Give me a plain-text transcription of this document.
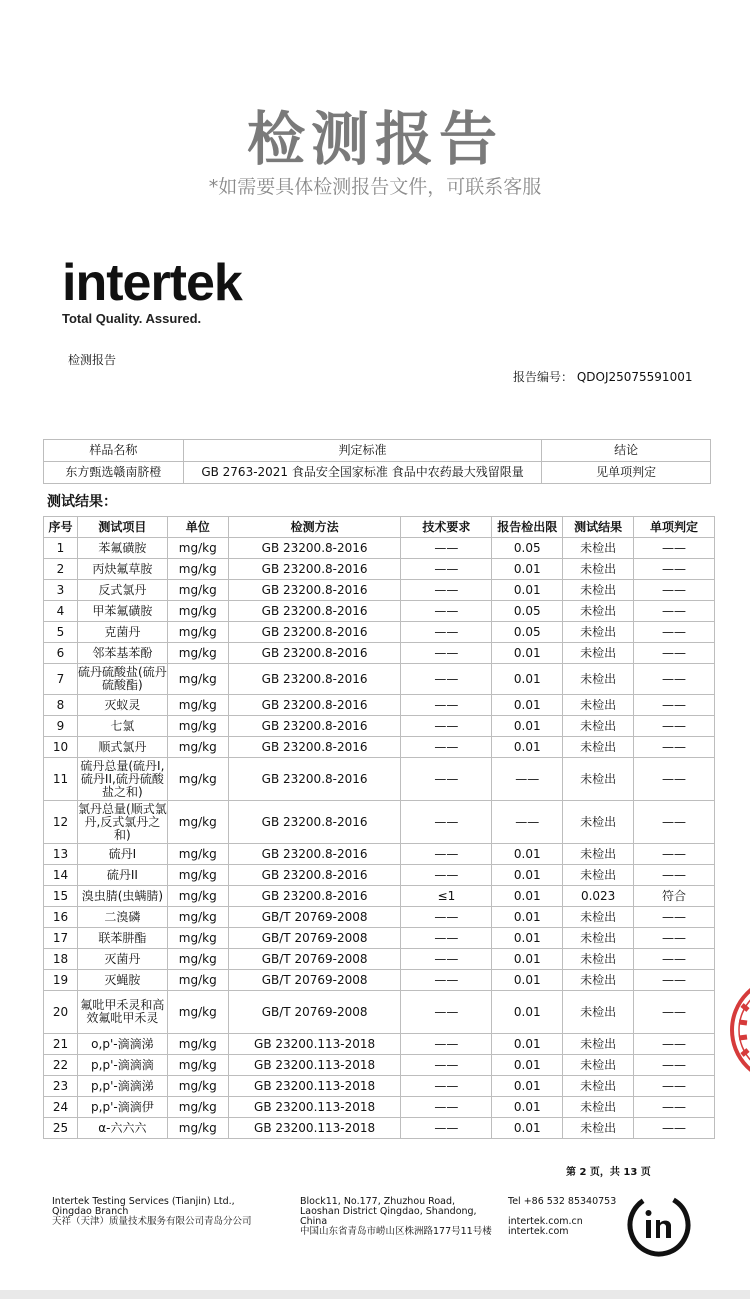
检测报告
*如需要具体检测报告文件，可联系客服
intertek
Total Quality. Assured.
检测报告
报告编号： QDOJ25075591001
样品名称	判定标准	结论
东方甄选赣南脐橙	GB 2763-2021 食品安全国家标准 食品中农药最大残留限量	见单项判定
测试结果：
序号	测试项目	单位	检测方法	技术要求	报告检出限	测试结果	单项判定
1	苯氟磺胺	mg/kg	GB 23200.8-2016	——	0.05	未检出	——
2	丙炔氟草胺	mg/kg	GB 23200.8-2016	——	0.01	未检出	——
3	反式氯丹	mg/kg	GB 23200.8-2016	——	0.01	未检出	——
4	甲苯氟磺胺	mg/kg	GB 23200.8-2016	——	0.05	未检出	——
5	克菌丹	mg/kg	GB 23200.8-2016	——	0.05	未检出	——
6	邻苯基苯酚	mg/kg	GB 23200.8-2016	——	0.01	未检出	——
7	硫丹硫酸盐(硫丹硫酸酯)	mg/kg	GB 23200.8-2016	——	0.01	未检出	——
8	灭蚁灵	mg/kg	GB 23200.8-2016	——	0.01	未检出	——
9	七氯	mg/kg	GB 23200.8-2016	——	0.01	未检出	——
10	顺式氯丹	mg/kg	GB 23200.8-2016	——	0.01	未检出	——
11	硫丹总量(硫丹I,硫丹II,硫丹硫酸盐之和)	mg/kg	GB 23200.8-2016	——	——	未检出	——
12	氯丹总量(顺式氯丹,反式氯丹之和)	mg/kg	GB 23200.8-2016	——	——	未检出	——
13	硫丹I	mg/kg	GB 23200.8-2016	——	0.01	未检出	——
14	硫丹II	mg/kg	GB 23200.8-2016	——	0.01	未检出	——
15	溴虫腈(虫螨腈)	mg/kg	GB 23200.8-2016	≤1	0.01	0.023	符合
16	二溴磷	mg/kg	GB/T 20769-2008	——	0.01	未检出	——
17	联苯肼酯	mg/kg	GB/T 20769-2008	——	0.01	未检出	——
18	灭菌丹	mg/kg	GB/T 20769-2008	——	0.01	未检出	——
19	灭蝇胺	mg/kg	GB/T 20769-2008	——	0.01	未检出	——
20	氟吡甲禾灵和高效氟吡甲禾灵	mg/kg	GB/T 20769-2008	——	0.01	未检出	——
21	o,p'-滴滴涕	mg/kg	GB 23200.113-2018	——	0.01	未检出	——
22	p,p'-滴滴滴	mg/kg	GB 23200.113-2018	——	0.01	未检出	——
23	p,p'-滴滴涕	mg/kg	GB 23200.113-2018	——	0.01	未检出	——
24	p,p'-滴滴伊	mg/kg	GB 23200.113-2018	——	0.01	未检出	——
25	α-六六六	mg/kg	GB 23200.113-2018	——	0.01	未检出	——
第 2 页，共 13 页
Intertek Testing Services (Tianjin) Ltd., Qingdao Branch
天祥（天津）质量技术服务有限公司青岛分公司
Block11, No.177, Zhuzhou Road, Laoshan District Qingdao, Shandong, China
中国山东省青岛市崂山区株洲路177号11号楼
Tel +86 532 85340753
intertek.com.cn
intertek.com
